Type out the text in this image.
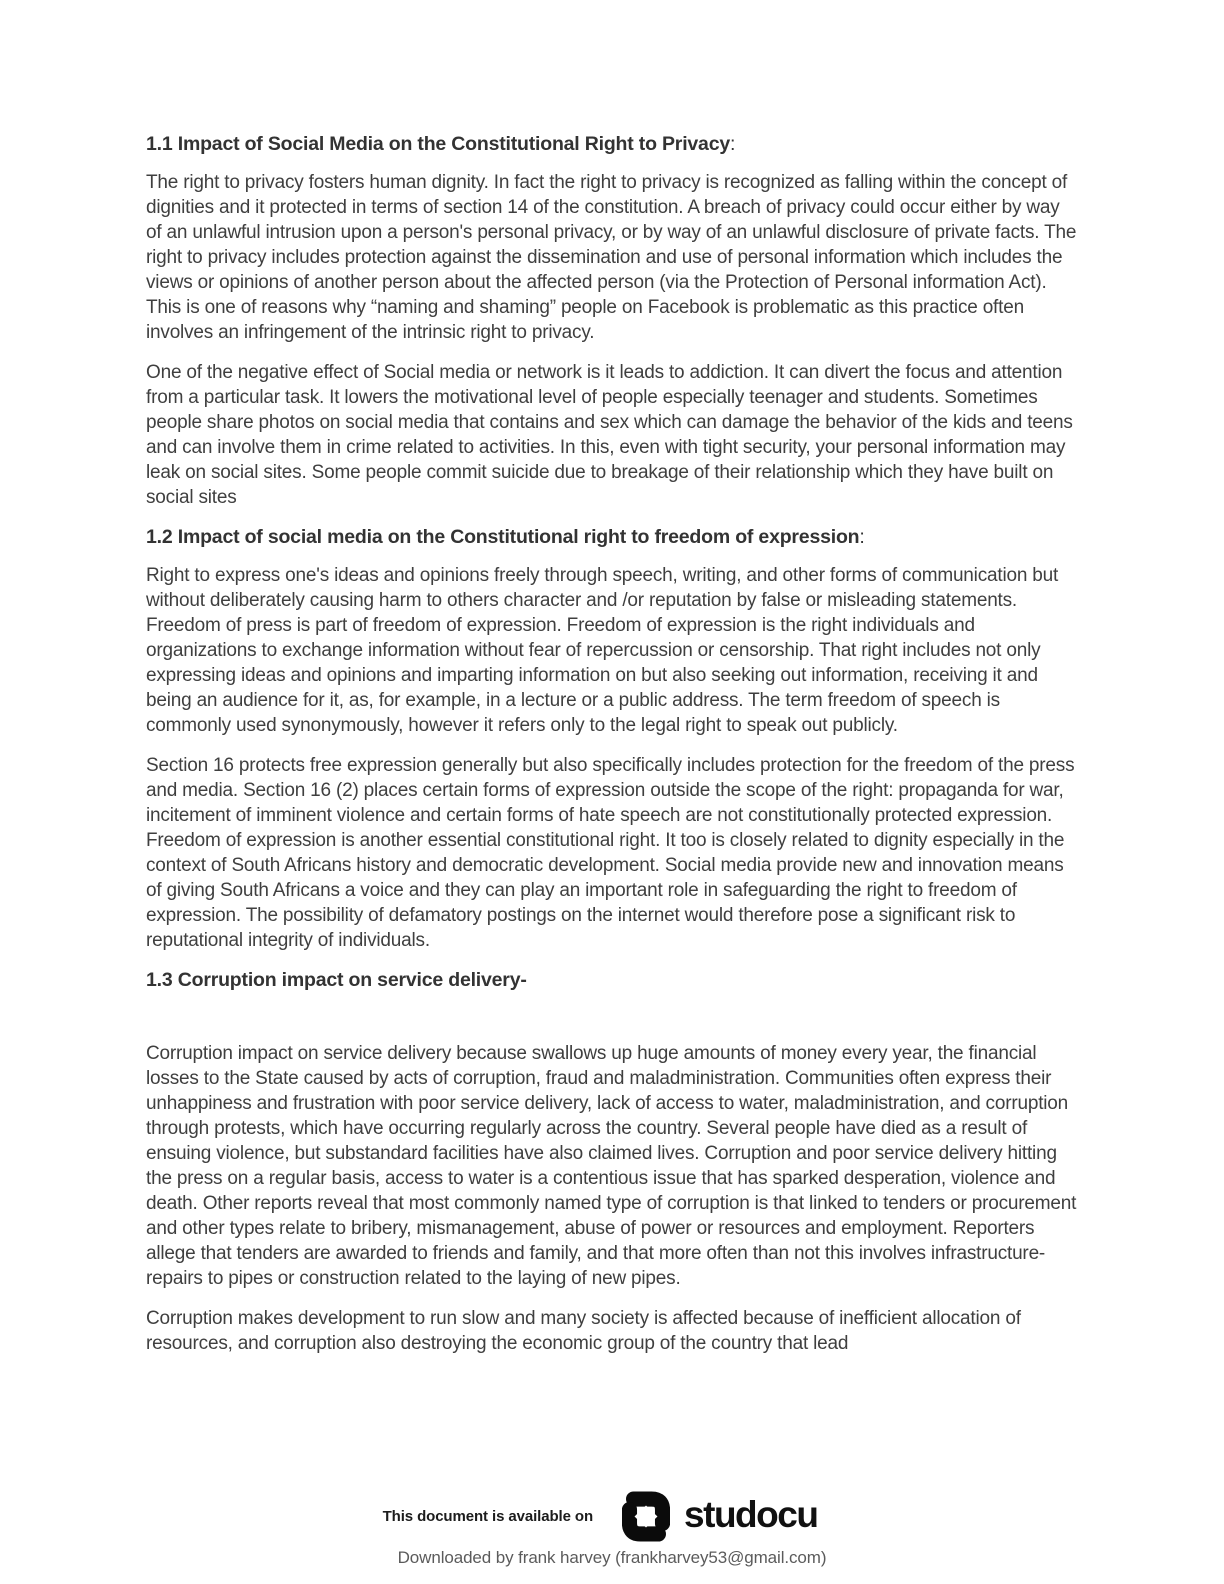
1.1 Impact of Social Media on the Constitutional Right to Privacy:

The right to privacy fosters human dignity. In fact the right to privacy is recognized as falling within the concept of dignities and it protected in terms of section 14 of the constitution. A breach of privacy could occur either by way of an unlawful intrusion upon a person's personal privacy, or by way of an unlawful disclosure of private facts. The right to privacy includes protection against the dissemination and use of personal information which includes the views or opinions of another person about the affected person (via the Protection of Personal information Act). This is one of reasons why “naming and shaming” people on Facebook is problematic as this practice often involves an infringement of the intrinsic right to privacy.

One of the negative effect of Social media or network is it leads to addiction. It can divert the focus and attention from a particular task. It lowers the motivational level of people especially teenager and students. Sometimes people share photos on social media that contains and sex which can damage the behavior of the kids and teens and can involve them in crime related to activities. In this, even with tight security, your personal information may leak on social sites. Some people commit suicide due to breakage of their relationship which they have built on social sites

1.2 Impact of social media on the Constitutional right to freedom of expression:

Right to express one's ideas and opinions freely through speech, writing, and other forms of communication but without deliberately causing harm to others character and /or reputation by false or misleading statements. Freedom of press is part of freedom of expression. Freedom of expression is the right individuals and organizations to exchange information without fear of repercussion or censorship. That right includes not only expressing ideas and opinions and imparting information on but also seeking out information, receiving it and being an audience for it, as, for example, in a lecture or a public address. The term freedom of speech is commonly used synonymously, however it refers only to the legal right to speak out publicly.

Section 16 protects free expression generally but also specifically includes protection for the freedom of the press and media. Section 16 (2) places certain forms of expression outside the scope of the right: propaganda for war, incitement of imminent violence and certain forms of hate speech are not constitutionally protected expression. Freedom of expression is another essential constitutional right. It too is closely related to dignity especially in the context of South Africans history and democratic development. Social media provide new and innovation means of giving South Africans a voice and they can play an important role in safeguarding the right to freedom of expression. The possibility of defamatory postings on the internet would therefore pose a significant risk to reputational integrity of individuals.

1.3 Corruption impact on service delivery-

Corruption impact on service delivery because swallows up huge amounts of money every year, the financial losses to the State caused by acts of corruption, fraud and maladministration. Communities often express their unhappiness and frustration with poor service delivery, lack of access to water, maladministration, and corruption through protests, which have occurring regularly across the country. Several people have died as a result of ensuing violence, but substandard facilities have also claimed lives. Corruption and poor service delivery hitting the press on a regular basis, access to water is a contentious issue that has sparked desperation, violence and death. Other reports reveal that most commonly named type of corruption is that linked to tenders or procurement and other types relate to bribery, mismanagement, abuse of power or resources and employment. Reporters allege that tenders are awarded to friends and family, and that more often than not this involves infrastructure- repairs to pipes or construction related to the laying of new pipes.

Corruption makes development to run slow and many society is affected because of inefficient allocation of resources, and corruption also destroying the economic group of the country that lead

This document is available on studocu
Downloaded by frank harvey (frankharvey53@gmail.com)
